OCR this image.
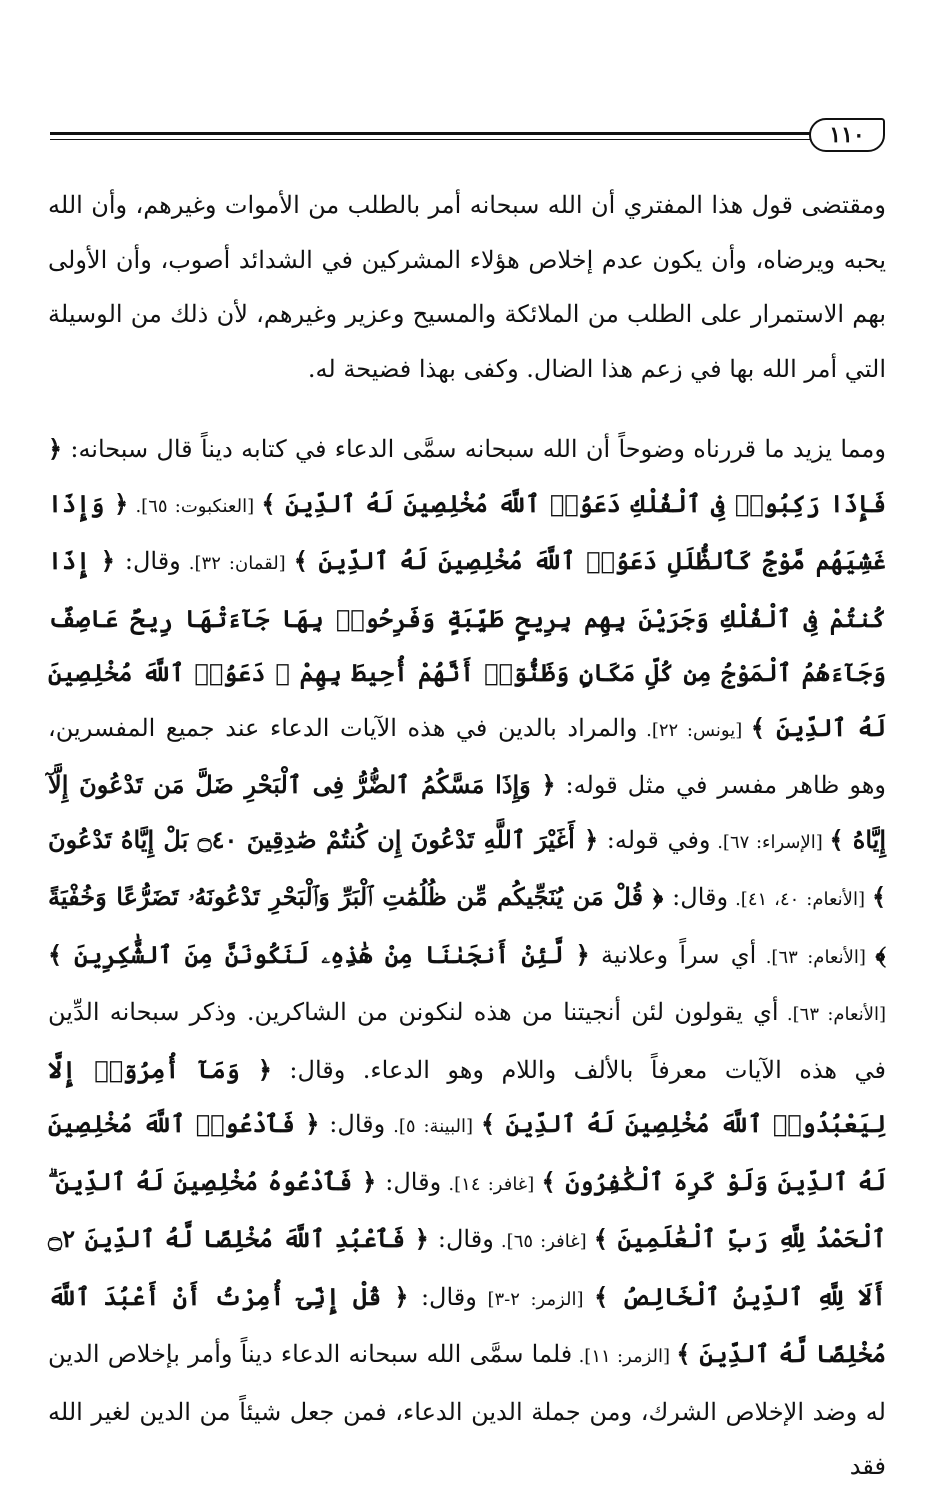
١١٠

ومقتضى قول هذا المفتري أن الله سبحانه أمر بالطلب من الأموات وغيرهم، وأن الله يحبه ويرضاه، وأن يكون عدم إخلاص هؤلاء المشركين في الشدائد أصوب، وأن الأولى بهم الاستمرار على الطلب من الملائكة والمسيح وعزير وغيرهم، لأن ذلك من الوسيلة التي أمر الله بها في زعم هذا الضال. وكفى بهذا فضيحة له.

ومما يزيد ما قررناه وضوحاً أن الله سبحانه سمَّى الدعاء في كتابه ديناً قال سبحانه: ﴿ فَإِذَا رَكِبُوا۟ فِى ٱلْفُلْكِ دَعَوُا۟ ٱللَّهَ مُخْلِصِينَ لَهُ ٱلدِّينَ ﴾ [العنكبوت: ٦٥]. ﴿ وَإِذَا غَشِيَهُم مَّوْجٌ كَٱلظُّلَلِ دَعَوُا۟ ٱللَّهَ مُخْلِصِينَ لَهُ ٱلدِّينَ ﴾ [لقمان: ٣٢]. وقال: ﴿ إِذَا كُنتُمْ فِى ٱلْفُلْكِ وَجَرَيْنَ بِهِم بِرِيحٍ طَيِّبَةٍ وَفَرِحُوا۟ بِهَا جَآءَتْهَا رِيحٌ عَاصِفٌ وَجَآءَهُمُ ٱلْمَوْجُ مِن كُلِّ مَكَانٍ وَظَنُّوٓا۟ أَنَّهُمْ أُحِيطَ بِهِمْ ۙ دَعَوُا۟ ٱللَّهَ مُخْلِصِينَ لَهُ ٱلدِّينَ ﴾ [يونس: ٢٢]. والمراد بالدين في هذه الآيات الدعاء عند جميع المفسرين، وهو ظاهر مفسر في مثل قوله: ﴿ وَإِذَا مَسَّكُمُ ٱلضُّرُّ فِى ٱلْبَحْرِ ضَلَّ مَن تَدْعُونَ إِلَّآ إِيَّاهُ ﴾ [الإسراء: ٦٧]. وفي قوله: ﴿ أَغَيْرَ ٱللَّهِ تَدْعُونَ إِن كُنتُمْ صَٰدِقِينَ ۝٤٠ بَلْ إِيَّاهُ تَدْعُونَ ﴾ [الأنعام: ٤٠، ٤١]. وقال: ﴿ قُلْ مَن يُنَجِّيكُم مِّن ظُلُمَٰتِ ٱلْبَرِّ وَٱلْبَحْرِ تَدْعُونَهُۥ تَضَرُّعًا وَخُفْيَةً ﴾ [الأنعام: ٦٣]. أي سراً وعلانية ﴿ لَّئِنْ أَنجَىٰنَا مِنْ هَٰذِهِۦ لَنَكُونَنَّ مِنَ ٱلشَّٰكِرِينَ ﴾ [الأنعام: ٦٣]. أي يقولون لئن أنجيتنا من هذه لنكونن من الشاكرين. وذكر سبحانه الدِّين في هذه الآيات معرفاً بالألف واللام وهو الدعاء. وقال: ﴿ وَمَآ أُمِرُوٓا۟ إِلَّا لِيَعْبُدُوا۟ ٱللَّهَ مُخْلِصِينَ لَهُ ٱلدِّينَ ﴾ [البينة: ٥]. وقال: ﴿ فَٱدْعُوا۟ ٱللَّهَ مُخْلِصِينَ لَهُ ٱلدِّينَ وَلَوْ كَرِهَ ٱلْكَٰفِرُونَ ﴾ [غافر: ١٤]. وقال: ﴿ فَٱدْعُوهُ مُخْلِصِينَ لَهُ ٱلدِّينَ ۗ ٱلْحَمْدُ لِلَّهِ رَبِّ ٱلْعَٰلَمِينَ ﴾ [غافر: ٦٥]. وقال: ﴿ فَٱعْبُدِ ٱللَّهَ مُخْلِصًا لَّهُ ٱلدِّينَ ۝٢ أَلَا لِلَّهِ ٱلدِّينُ ٱلْخَالِصُ ﴾ [الزمر: ٢-٣] وقال: ﴿ قُلْ إِنِّىٓ أُمِرْتُ أَنْ أَعْبُدَ ٱللَّهَ مُخْلِصًا لَّهُ ٱلدِّينَ ﴾ [الزمر: ١١]. فلما سمَّى الله سبحانه الدعاء ديناً وأمر بإخلاص الدين له وضد الإخلاص الشرك، ومن جملة الدين الدعاء، فمن جعل شيئاً من الدين لغير الله فقد
